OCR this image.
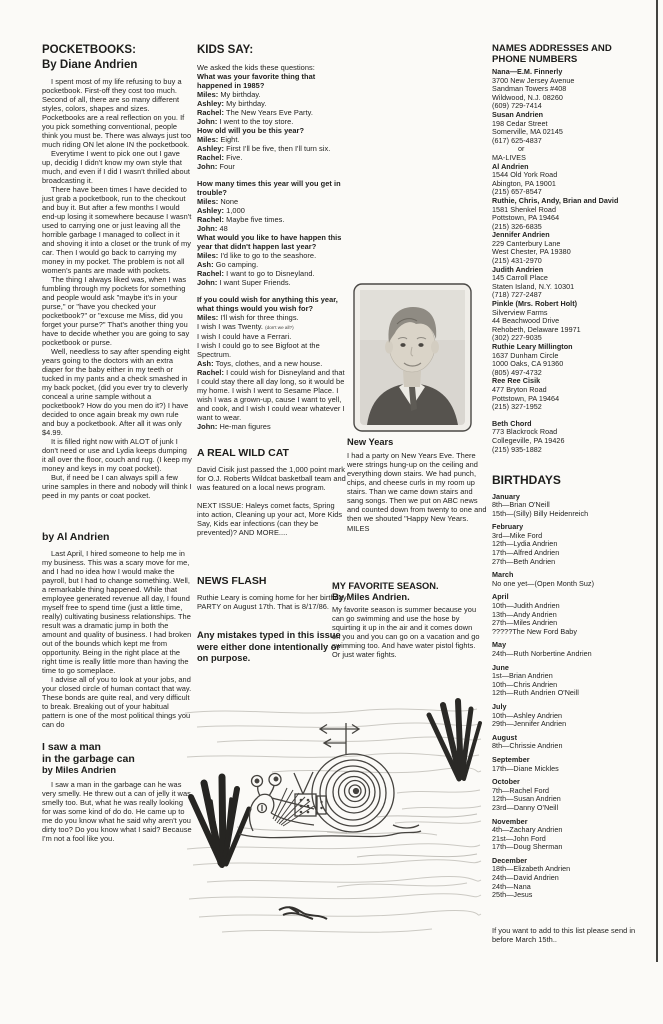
POCKETBOOKS:
By Diane Andrien
I spent most of my life refusing to buy a pocketbook. First-off they cost too much. Second of all, there are so many different styles, colors, shapes and sizes. Pocketbooks are a real reflection on you. If you pick something conventional, people think you must be. There was always just too much riding ON let alone IN the pocketbook.
Everytime I went to pick one out I gave up, decidig I didn't know my own style that much, and even if I did I wasn't thrilled about broadcasting it.
There have been times I have decided to just grab a pocketbook, run to the checkout and buy it. But after a few months I would end-up losing it somewhere because I wasn't used to carrying one or just leaving all the horrible garbage I managed to collect in it and shoving it into a closet or the trunk of my car. Then I would go back to carrying my money in my pocket. The problem is not all women's pants are made with pockets.
The thing I always liked was, when I was fumbling through my pockets for something and people would ask "maybe it's in your purse," or "have you checked your pocketbook?" or "excuse me Miss, did you forget your purse?" That's another thing you have to decide whether you are going to say pocketbook or purse.
Well, needless to say after spending eight years going to the doctors with an extra diaper for the baby either in my teeth or tucked in my pants and a check smashed in my back pocket, (did you ever try to cleverly conceal a urine sample without a pocketbook? How do you men do it?) I have decided to once again break my own rule and buy a pocketbook. After all it was only $4.99.
It is filled right now with ALOT of junk I don't need or use and Lydia keeps dumping it all over the floor, couch and rug. (I keep my money and keys in my coat pocket).
But, if need be I can always spill a few urine samples in there and nobody will think I peed in my pants or coat pocket.
by Al Andrien
Last April, I hired someone to help me in my business. This was a scary move for me, and I had no idea how I would make the payroll, but I had to change something. Well, a remarkable thing happened. While that employee generated revenue all day, I found myself free to spend time (just a little time, really) cultivating business relationships. The result was a dramatic jump in both the amount and quality of business. I had broken out of the bounds which kept me from opportunity. Being in the right place at the right time is really little more than having the time to go someplace.
I advise all of you to look at your jobs, and your closed circle of human contact that way. These bonds are quite real, and very difficult to break. Breaking out of your habitual pattern is one of the most political things you can do
I saw a man
in the garbage can
by Miles Andrien
I saw a man in the garbage can he was very smelly. He threw out a can of jelly it was smelly too. But, what he was really looking for was some kind of do do. He came up to me do you know what he said why aren't you dirty too? Do you know what I said? Because I'm not a fool like you.
KIDS SAY:
We asked the kids these questions:
What was your favorite thing that happened in 1985?
Miles: My birthday.
Ashley: My birthday.
Rachel: The New Years Eve Party.
John: I went to the toy store.
How old will you be this year?
Miles: Eight.
Ashley: First I'll be five, then I'll turn six.
Rachel: Five.
John: Four
How many times this year will you get in trouble?
Miles: None
Ashley: 1,000
Rachel: Maybe five times.
John: 48
What would you like to have happen this year that didn't happen last year?
Miles: I'd like to go to the seashore.
Ash: Go camping.
Rachel: I want to go to Disneyland.
John: I want Super Friends.
If you could wish for anything this year, what things would you wish for?
Miles: I'll wish for three things.
I wish I was Twenty. (don't we all?)
I wish I could have a Ferrari.
I wish I could go to see Bigfoot at the Spectrum.
Ash: Toys, clothes, and a new house.
Rachel: I could wish for Disneyland and that I could stay there all day long, so it would be my home. I wish I went to Sesame Place. I wish I was a grown-up, cause I want to yell, and cook, and I wish I could wear whatever I want to wear.
John: He-man figures
A REAL WILD CAT
David Cisik just passed the 1,000 point mark for O.J. Roberts Wildcat basketball team and was featured on a local news program.
NEXT ISSUE: Haleys comet facts, Spring into action, Cleaning up your act, More Kids Say, Kids ear infections (can they be prevented)? AND MORE....
NEWS FLASH
Ruthie Leary is coming home for her birthday PARTY on August 17th. That is 8/17/86.
Any mistakes typed in this issue were either done intentionally or on purpose.
New Years
I had a party on New Years Eve. There were strings hung-up on the ceiling and everything down stairs. We had punch, chips, and cheese curls in my room up stairs. Than we came down stairs and sang songs. Then we put on ABC news and counted down from twenty to one and then we shouted "Happy New Years.
MILES
MY FAVORITE SEASON.
By Miles Andrien.
My favorite season is summer because you can go swimming and use the hose by squirting it up in the air and it comes down on you and you can go on a vacation and go swimming too. And have water pistol fights. Or just water fights.
NAMES ADDRESSES AND
PHONE NUMBERS
Nana—E.M. Finnerly
3700 New Jersey Avenue
Sandman Towers #408
Wildwood, N.J. 08260
(609) 729-7414
Susan Andrien
198 Cedar Street
Somerville, MA 02145
(617) 625-4837
or
MA-LIVES
Al Andrien
1544 Old York Road
Abington, PA 19001
(215) 657-8547
Ruthie, Chris, Andy, Brian and David
1581 Shenkel Road
Pottstown, PA 19464
(215) 326-6835
Jennifer Andrien
229 Canterbury Lane
West Chester, PA 19380
(215) 431-2970
Judith Andrien
145 Carroll Place
Staten Island, N.Y. 10301
(718) 727-2487
Pinkle (Mrs. Robert Holt)
Silverview Farms
44 Beachwood Drive
Rehobeth, Delaware 19971
(302) 227-9035
Ruthie Leary Millington
1637 Dunham Circle
1000 Oaks, CA 91360
(805) 497-4732
Ree Ree Cisik
477 Bryton Road
Pottstown, PA 19464
(215) 327-1952
Beth Chord
773 Blackrock Road
Collegeville, PA 19426
(215) 935-1882
BIRTHDAYS
January
8th—Brian O'Neill
15th—(Silly) Billy Heidenreich
February
3rd—Mike Ford
12th—Lydia Andrien
17th—Alfred Andrien
27th—Beth Andrien
March
No one yet—(Open Month Suz)
April
10th—Judith Andrien
13th—Andy Andrien
27th—Miles Andrien
?????The New Ford Baby
May
24th—Ruth Norbertine Andrien
June
1st—Brian Andrien
10th—Chris Andrien
12th—Ruth Andrien O'Neill
July
10th—Ashley Andrien
29th—Jennifer Andrien
August
8th—Chrissie Andrien
September
17th—Diane Mickles
October
7th—Rachel Ford
12th—Susan Andrien
23rd—Danny O'Neill
November
4th—Zachary Andrien
21st—John Ford
17th—Doug Sherman
December
18th—Elizabeth Andrien
24th—David Andrien
24th—Nana
25th—Jesus
If you want to add to this list please send in before March 15th..
